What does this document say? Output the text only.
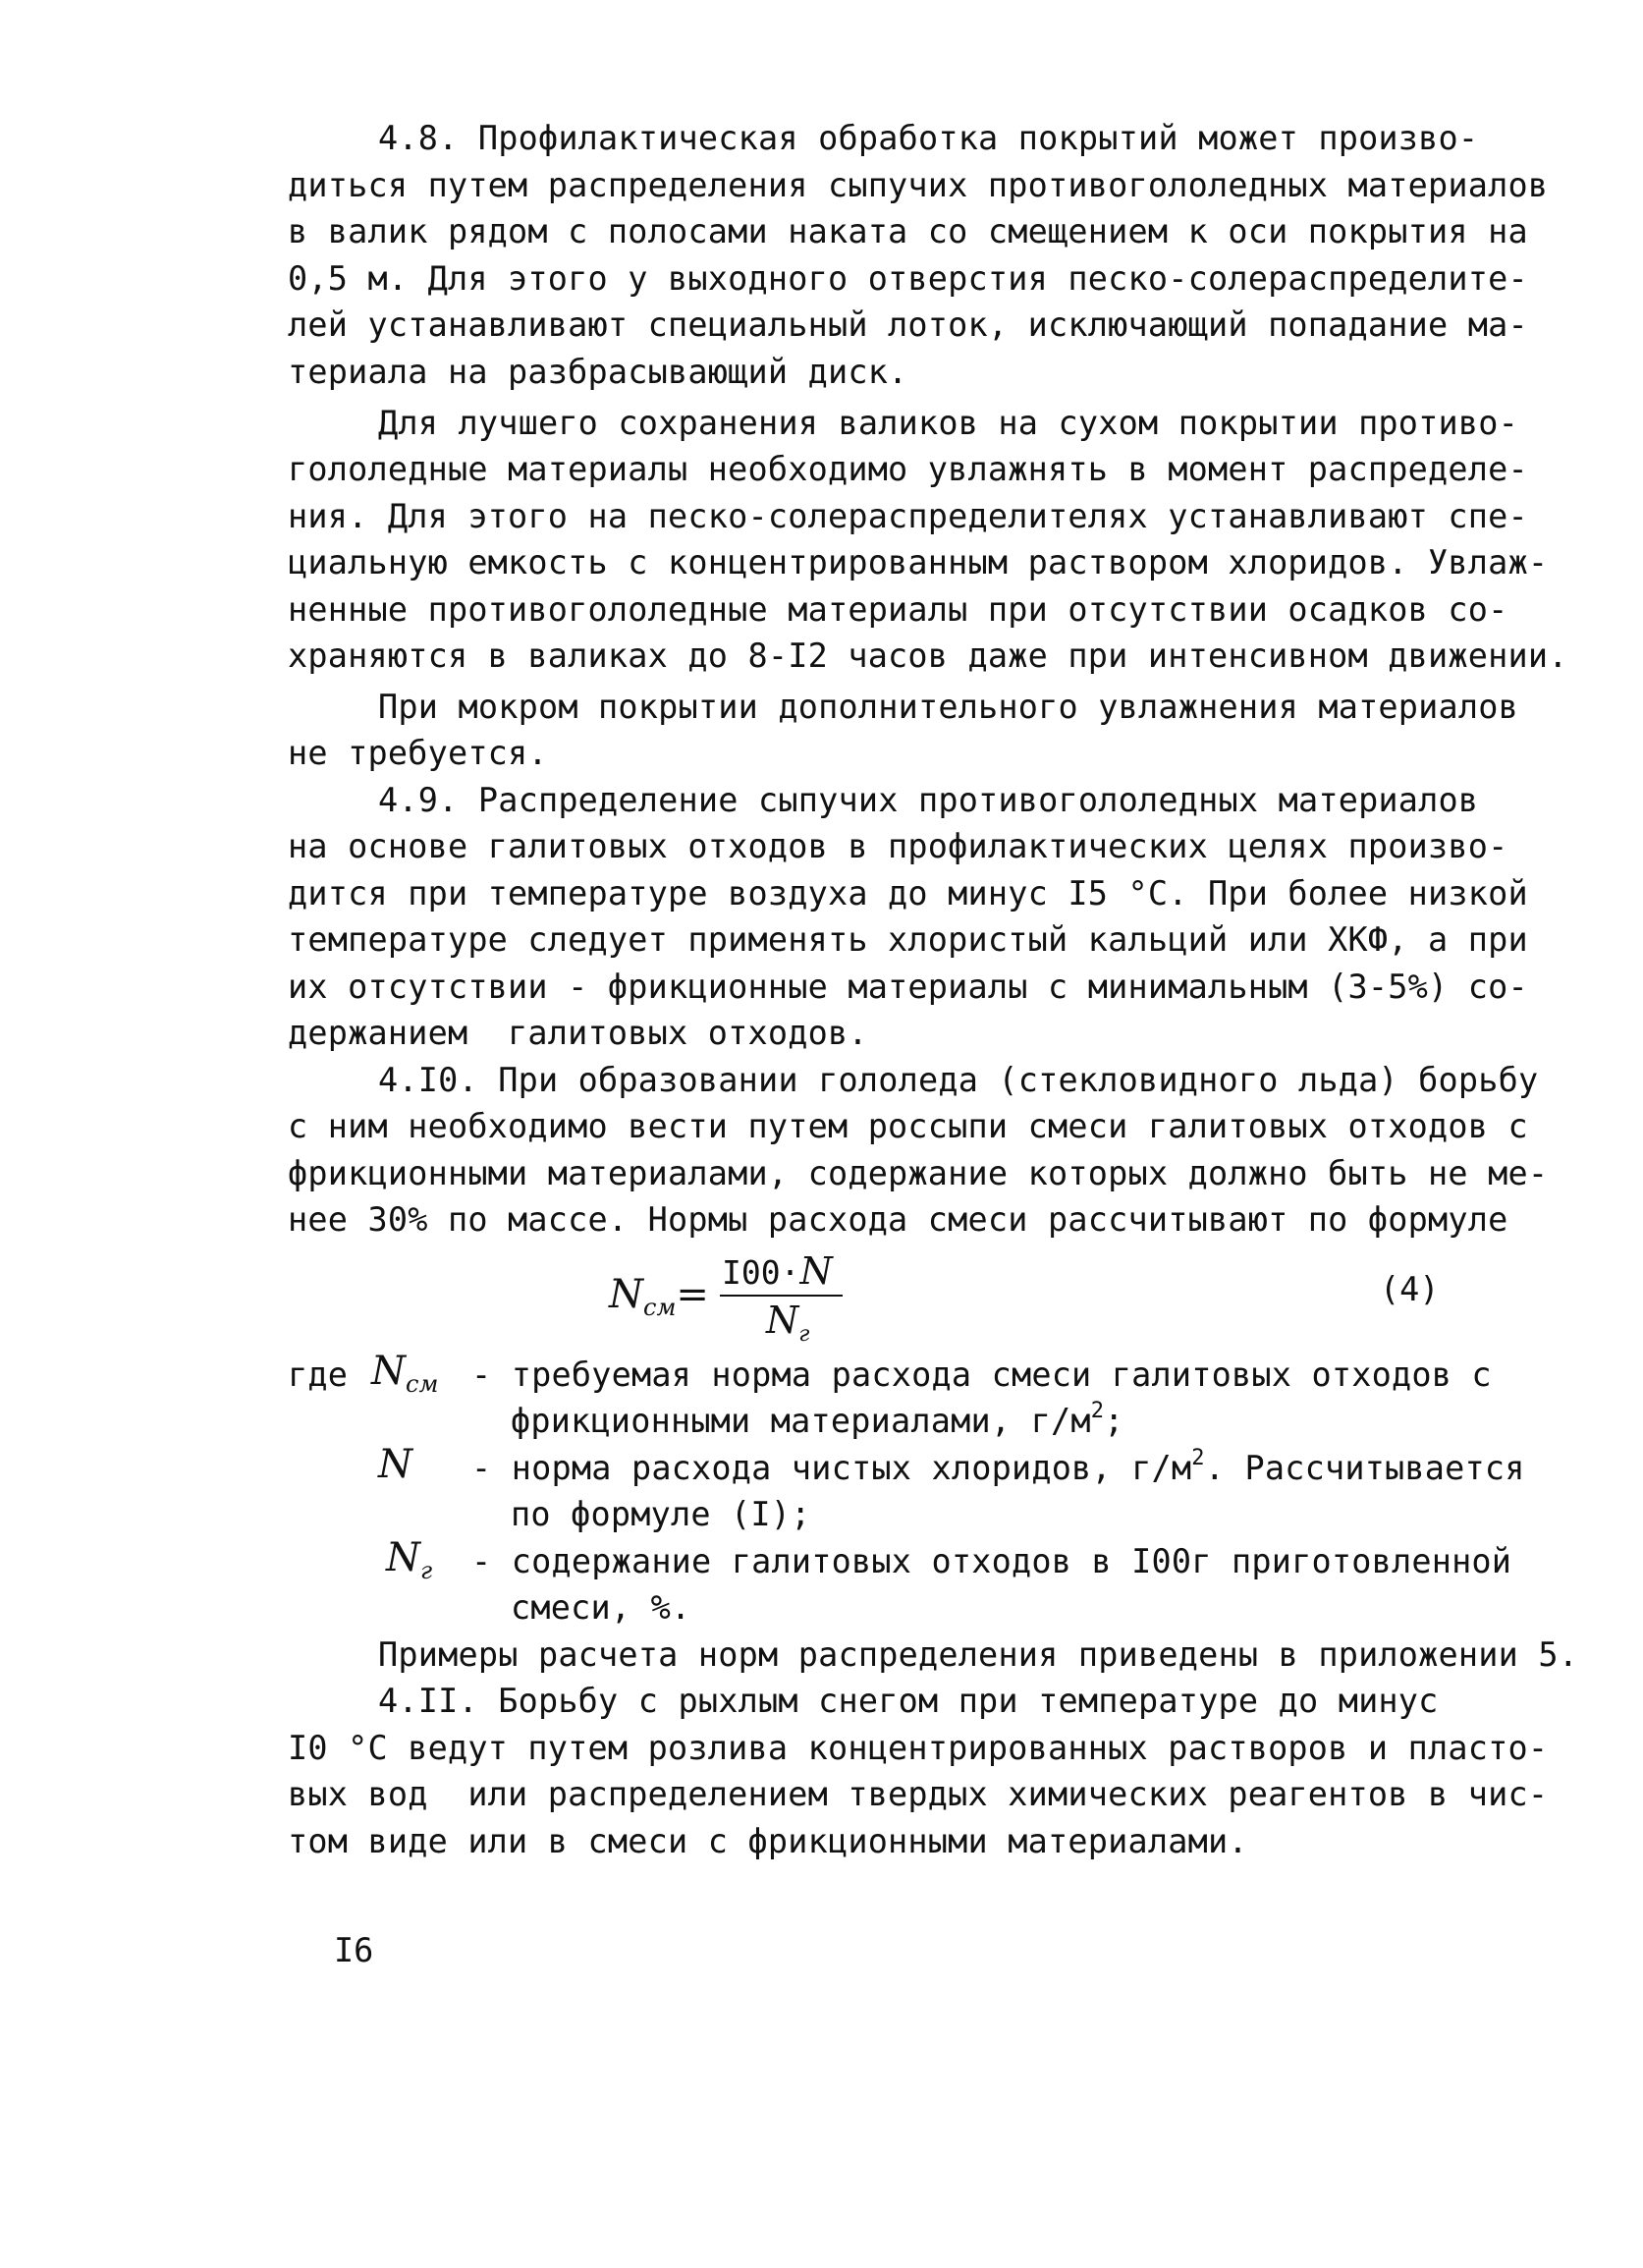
4.8. Профилактическая обработка покрытий может произво-
диться путем распределения сыпучих противогололедных материалов
в валик рядом с полосами наката со смещением к оси покрытия на
0,5 м. Для этого у выходного отверстия песко-солераспределите-
лей устанавливают специальный лоток, исключающий попадание ма-
териала на разбрасывающий диск.
Для лучшего сохранения валиков на сухом покрытии противо-
гололедные материалы необходимо увлажнять в момент распределе-
ния. Для этого на песко-солераспределителях устанавливают спе-
циальную емкость с концентрированным раствором хлоридов. Увлаж-
ненные противогололедные материалы при отсутствии осадков со-
храняются в валиках до 8-I2 часов даже при интенсивном движении.
При мокром покрытии дополнительного увлажнения материалов
не требуется.
4.9. Распределение сыпучих противогололедных материалов
на основе галитовых отходов в профилактических целях произво-
дится при температуре воздуха до минус I5 °С. При более низкой
температуре следует применять хлористый кальций или ХКФ, а при
их отсутствии - фрикционные материалы с минимальным (3-5%) со-
держанием  галитовых отходов.
4.I0. При образовании гололеда (стекловидного льда) борьбу
с ним необходимо вести путем россыпи смеси галитовых отходов с
фрикционными материалами, содержание которых должно быть не ме-
нее 30% по массе. Нормы расхода смеси рассчитывают по формуле
$N_{см}= I00\cdot N$
$N_г$
(4)
где $N_{см}$ - требуемая норма расхода смеси галитовых отходов с
фрикционными материалами, $г/м^2$;
N - норма расхода чистых хлоридов, $г/м^2$. Рассчитывается
по формуле (I);
$N_г$ - содержание галитовых отходов в I00г приготовленной
смеси, %.
Примеры расчета норм распределения приведены в приложении 5.
4.II. Борьбу с рыхлым снегом при температуре до минус
I0 °С ведут путем розлива концентрированных растворов и пласто-
вых вод  или распределением твердых химических реагентов в чис-
том виде или в смеси с фрикционными материалами.
I6
